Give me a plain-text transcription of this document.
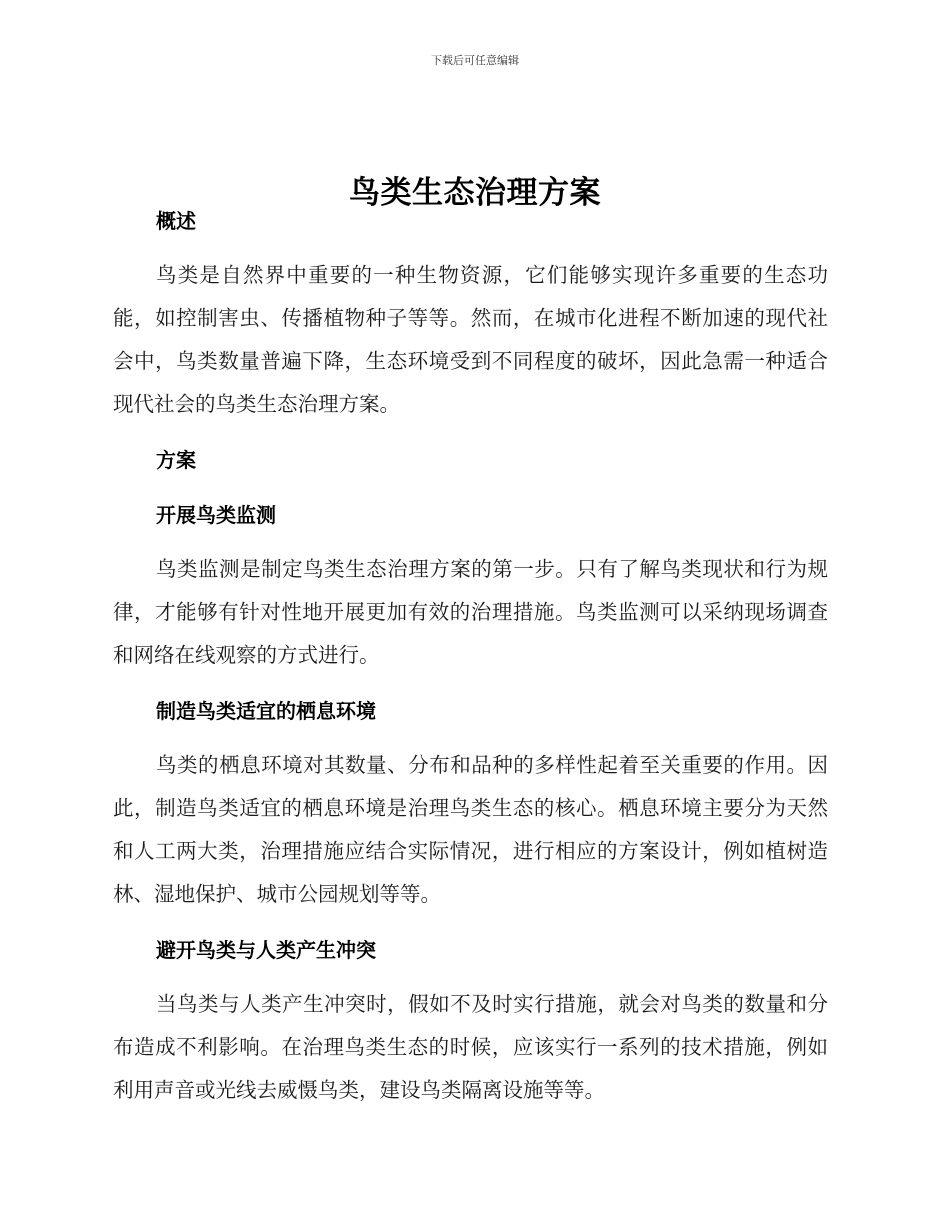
下载后可任意编辑
鸟类生态治理方案
概述

鸟类是自然界中重要的一种生物资源，它们能够实现许多重要的生态功能，如控制害虫、传播植物种子等等。然而，在城市化进程不断加速的现代社会中，鸟类数量普遍下降，生态环境受到不同程度的破坏，因此急需一种适合现代社会的鸟类生态治理方案。

方案
开展鸟类监测

鸟类监测是制定鸟类生态治理方案的第一步。只有了解鸟类现状和行为规律，才能够有针对性地开展更加有效的治理措施。鸟类监测可以采纳现场调查和网络在线观察的方式进行。

制造鸟类适宜的栖息环境

鸟类的栖息环境对其数量、分布和品种的多样性起着至关重要的作用。因此，制造鸟类适宜的栖息环境是治理鸟类生态的核心。栖息环境主要分为天然和人工两大类，治理措施应结合实际情况，进行相应的方案设计，例如植树造林、湿地保护、城市公园规划等等。

避开鸟类与人类产生冲突

当鸟类与人类产生冲突时，假如不及时实行措施，就会对鸟类的数量和分布造成不利影响。在治理鸟类生态的时候，应该实行一系列的技术措施，例如利用声音或光线去威慑鸟类，建设鸟类隔离设施等等。
